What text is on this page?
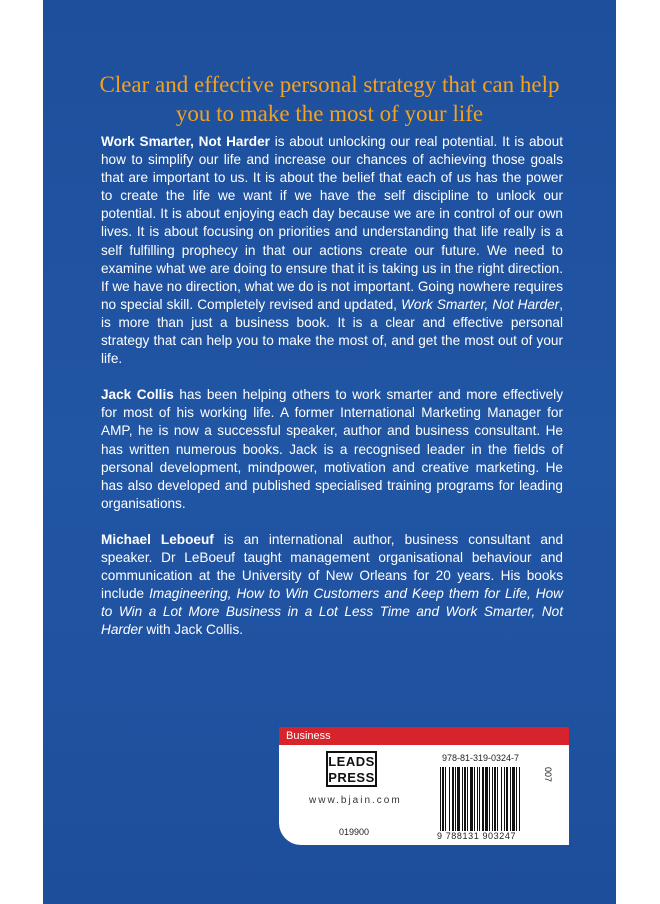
Clear and effective personal strategy that can help
you to make the most of your life

Work Smarter, Not Harder is about unlocking our real potential. It is about how to simplify our life and increase our chances of achieving those goals that are important to us. It is about the belief that each of us has the power to create the life we want if we have the self discipline to unlock our potential. It is about enjoying each day because we are in control of our own lives. It is about focusing on priorities and understanding that life really is a self fulfilling prophecy in that our actions create our future. We need to examine what we are doing to ensure that it is taking us in the right direction. If we have no direction, what we do is not important. Going nowhere requires no special skill. Completely revised and updated, Work Smarter, Not Harder, is more than just a business book. It is a clear and effective personal strategy that can help you to make the most of, and get the most out of your life.

Jack Collis has been helping others to work smarter and more effectively for most of his working life. A former International Marketing Manager for AMP, he is now a successful speaker, author and business consultant. He has written numerous books. Jack is a recognised leader in the fields of personal development, mindpower, motivation and creative marketing. He has also developed and published specialised training programs for leading organisations.

Michael Leboeuf is an international author, business consultant and speaker. Dr LeBoeuf taught management organisational behaviour and communication at the University of New Orleans for 20 years. His books include Imagineering, How to Win Customers and Keep them for Life, How to Win a Lot More Business in a Lot Less Time and Work Smarter, Not Harder with Jack Collis.

Business
LEADS
PRESS
www.bjain.com
019900
978-81-319-0324-7
9 788131 903247
007
